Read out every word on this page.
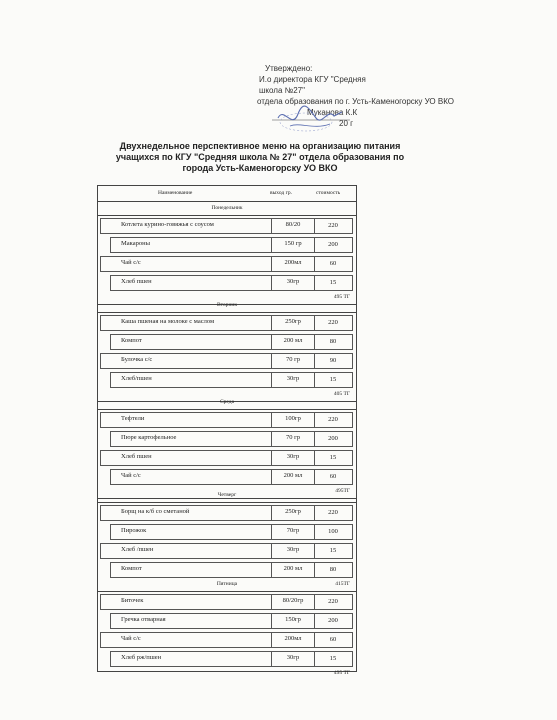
Утверждено:
И.о директора КГУ "Средняя
школа №27"
отдела образования по г. Усть-Каменогорску УО ВКО
Муканова К.К
20 г
Двухнедельное перспективное меню на организацию питания
учащихся по КГУ "Средняя школа № 27" отдела образования по
города Усть-Каменогорску УО ВКО
Наименование	выход гр.	стоимость
Понедельник
Котлета курино-говяжья с соусом	80/20	220
Макароны	150 гр	200
Чай с/с	200мл	60
Хлеб пшен	30гр	15
495 ТГ
Вторник
Каша пшеная на молоке с маслом	250гр	220
Компот	200 мл	80
Булочка с/с	70 гр	90
Хлеб/пшен	30гр	15
405 ТГ
Среда
Тефтели	100гр	220
Пюре картофельное	70 гр	200
Хлеб пшен	30гр	15
Чай с/с	200 мл	60
495ТГ
Четверг
Борщ на к/б со сметаной	250гр	220
Пирожок	70гр	100
Хлеб /пшен	30гр	15
Компот	200 мл	80
415ТГ
Пятница
Биточек	80/20гр	220
Гречка отварная	150гр	200
Чай с/с	200мл	60
Хлеб рж/пшен	30гр	15
495 ТГ
